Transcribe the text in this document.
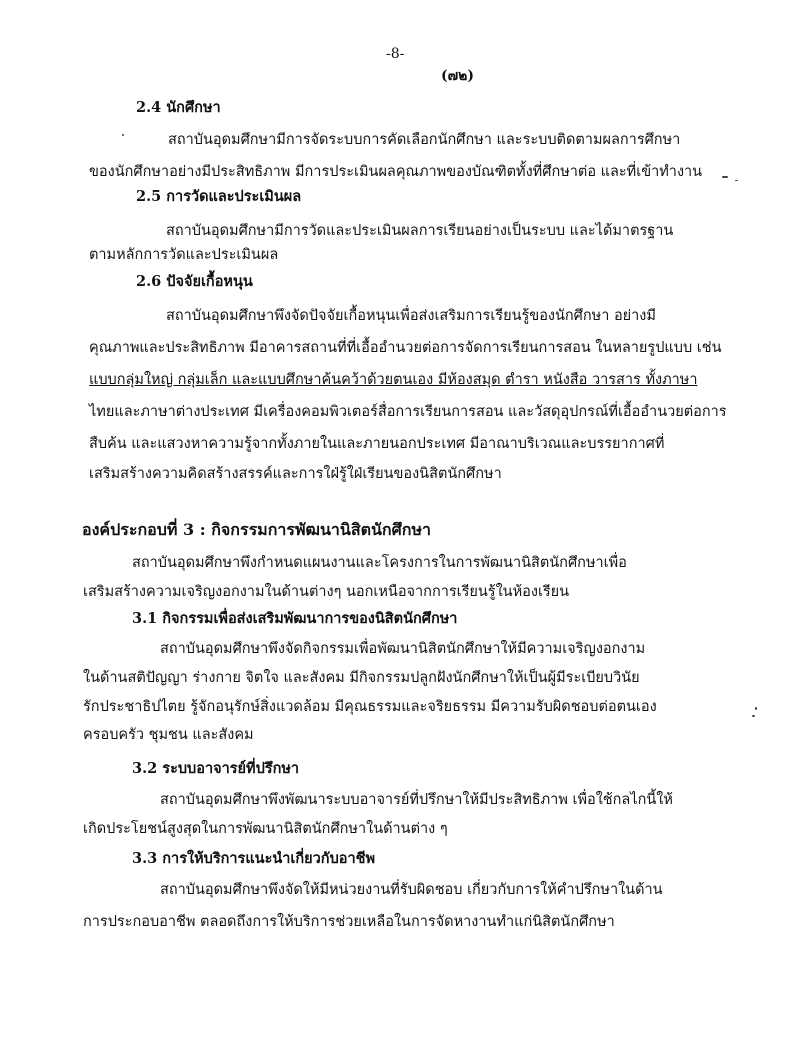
-8-
(๗๒)
2.4 นักศึกษา
สถาบันอุดมศึกษามีการจัดระบบการคัดเลือกนักศึกษา และระบบติดตามผลการศึกษา
ของนักศึกษาอย่างมีประสิทธิภาพ มีการประเมินผลคุณภาพของบัณฑิตทั้งที่ศึกษาต่อ และที่เข้าทำงาน
2.5 การวัดและประเมินผล
สถาบันอุดมศึกษามีการวัดและประเมินผลการเรียนอย่างเป็นระบบ และได้มาตรฐาน
ตามหลักการวัดและประเมินผล
2.6 ปัจจัยเกื้อหนุน
สถาบันอุดมศึกษาพึงจัดปัจจัยเกื้อหนุนเพื่อส่งเสริมการเรียนรู้ของนักศึกษา อย่างมี
คุณภาพและประสิทธิภาพ มีอาคารสถานที่ที่เอื้ออำนวยต่อการจัดการเรียนการสอน ในหลายรูปแบบ เช่น
แบบกลุ่มใหญ่ กลุ่มเล็ก และแบบศึกษาค้นคว้าด้วยตนเอง มีห้องสมุด ตำรา หนังสือ วารสาร ทั้งภาษา
ไทยและภาษาต่างประเทศ มีเครื่องคอมพิวเตอร์สื่อการเรียนการสอน และวัสดุอุปกรณ์ที่เอื้ออำนวยต่อการ
สืบค้น และแสวงหาความรู้จากทั้งภายในและภายนอกประเทศ มีอาณาบริเวณและบรรยากาศที่
เสริมสร้างความคิดสร้างสรรค์และการใฝ่รู้ใฝ่เรียนของนิสิตนักศึกษา
องค์ประกอบที่ 3 : กิจกรรมการพัฒนานิสิตนักศึกษา
สถาบันอุดมศึกษาพึงกำหนดแผนงานและโครงการในการพัฒนานิสิตนักศึกษาเพื่อ
เสริมสร้างความเจริญงอกงามในด้านต่างๆ นอกเหนือจากการเรียนรู้ในห้องเรียน
3.1 กิจกรรมเพื่อส่งเสริมพัฒนาการของนิสิตนักศึกษา
สถาบันอุดมศึกษาพึงจัดกิจกรรมเพื่อพัฒนานิสิตนักศึกษาให้มีความเจริญงอกงาม
ในด้านสติปัญญา ร่างกาย จิตใจ และสังคม มีกิจกรรมปลูกฝังนักศึกษาให้เป็นผู้มีระเบียบวินัย
รักประชาธิปไตย รู้จักอนุรักษ์สิ่งแวดล้อม มีคุณธรรมและจริยธรรม มีความรับผิดชอบต่อตนเอง
ครอบครัว ชุมชน และสังคม
3.2 ระบบอาจารย์ที่ปรึกษา
สถาบันอุดมศึกษาพึงพัฒนาระบบอาจารย์ที่ปรึกษาให้มีประสิทธิภาพ เพื่อใช้กลไกนี้ให้
เกิดประโยชน์สูงสุดในการพัฒนานิสิตนักศึกษาในด้านต่าง ๆ
3.3 การให้บริการแนะนำเกี่ยวกับอาชีพ
สถาบันอุดมศึกษาพึงจัดให้มีหน่วยงานที่รับผิดชอบ เกี่ยวกับการให้คำปรึกษาในด้าน
การประกอบอาชีพ ตลอดถึงการให้บริการช่วยเหลือในการจัดหางานทำแก่นิสิตนักศึกษา
